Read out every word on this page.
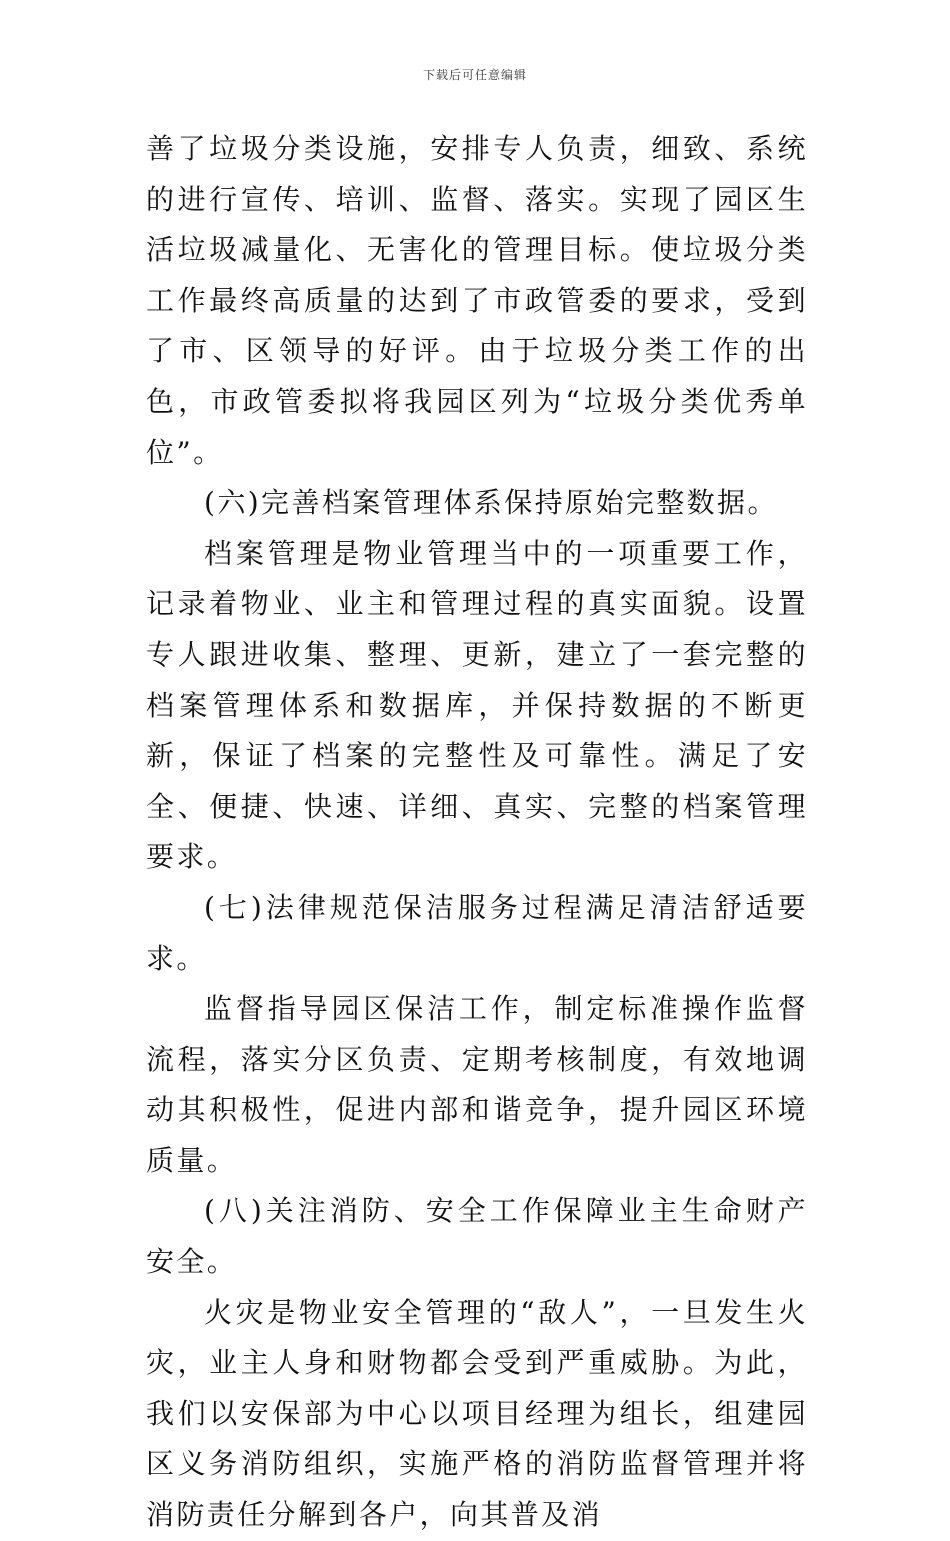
下载后可任意编辑

善了垃圾分类设施，安排专人负责，细致、系统的进行宣传、培训、监督、落实。实现了园区生活垃圾减量化、无害化的管理目标。使垃圾分类工作最终高质量的达到了市政管委的要求，受到了市、区领导的好评。由于垃圾分类工作的出色，市政管委拟将我园区列为“垃圾分类优秀单位”。

(六)完善档案管理体系保持原始完整数据。

档案管理是物业管理当中的一项重要工作，记录着物业、业主和管理过程的真实面貌。设置专人跟进收集、整理、更新，建立了一套完整的档案管理体系和数据库，并保持数据的不断更新，保证了档案的完整性及可靠性。满足了安全、便捷、快速、详细、真实、完整的档案管理要求。

(七)法律规范保洁服务过程满足清洁舒适要求。

监督指导园区保洁工作，制定标准操作监督流程，落实分区负责、定期考核制度，有效地调动其积极性，促进内部和谐竞争，提升园区环境质量。

(八)关注消防、安全工作保障业主生命财产安全。

火灾是物业安全管理的“敌人”，一旦发生火灾，业主人身和财物都会受到严重威胁。为此，我们以安保部为中心以项目经理为组长，组建园区义务消防组织，实施严格的消防监督管理并将消防责任分解到各户，向其普及消
